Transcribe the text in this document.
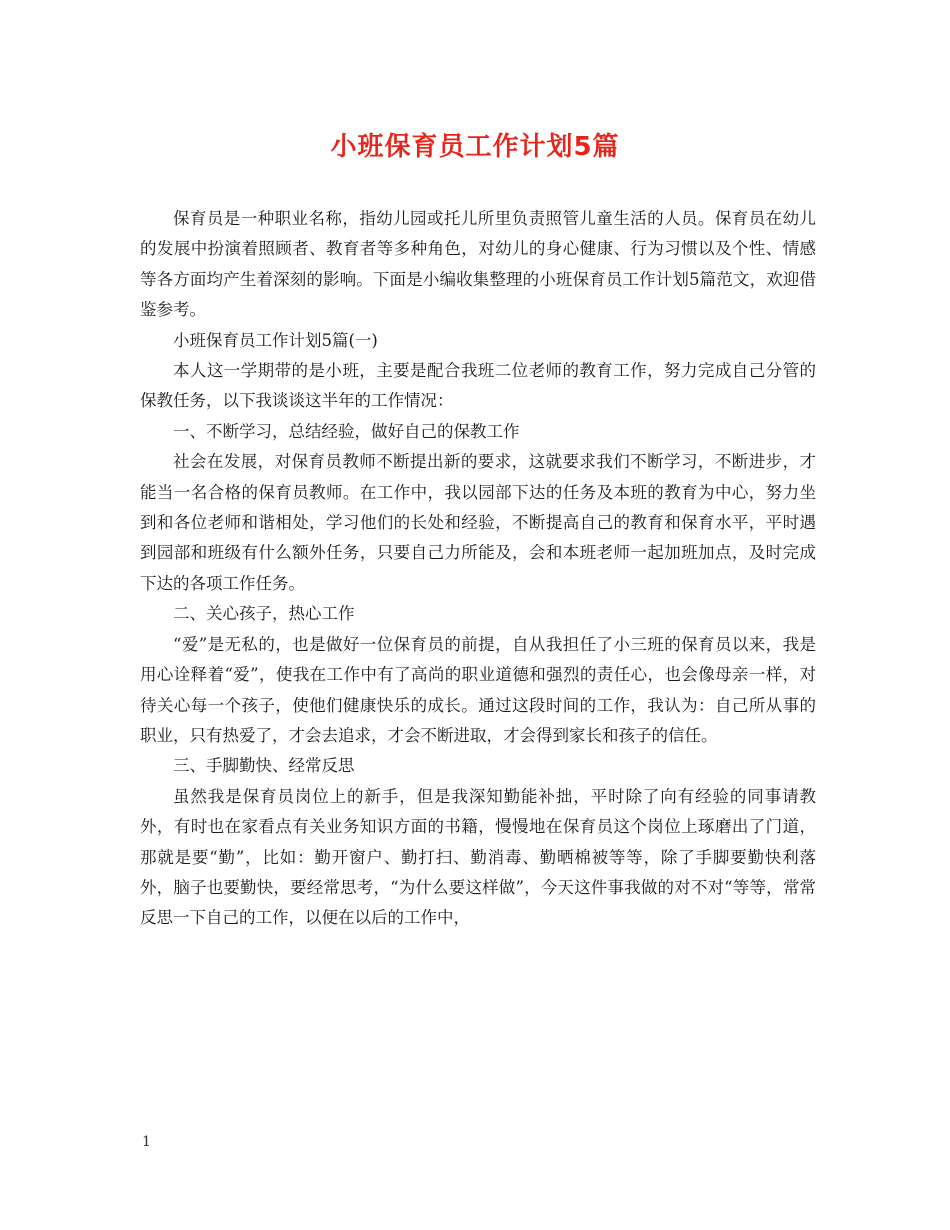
小班保育员工作计划5篇

保育员是一种职业名称，指幼儿园或托儿所里负责照管儿童生活的人员。保育员在幼儿的发展中扮演着照顾者、教育者等多种角色，对幼儿的身心健康、行为习惯以及个性、情感等各方面均产生着深刻的影响。下面是小编收集整理的小班保育员工作计划5篇范文，欢迎借鉴参考。

小班保育员工作计划5篇(一)

本人这一学期带的是小班，主要是配合我班二位老师的教育工作，努力完成自己分管的保教任务，以下我谈谈这半年的工作情况：

一、不断学习，总结经验，做好自己的保教工作

社会在发展，对保育员教师不断提出新的要求，这就要求我们不断学习，不断进步，才能当一名合格的保育员教师。在工作中，我以园部下达的任务及本班的教育为中心，努力坐到和各位老师和谐相处，学习他们的长处和经验，不断提高自己的教育和保育水平，平时遇到园部和班级有什么额外任务，只要自己力所能及，会和本班老师一起加班加点，及时完成下达的各项工作任务。

二、关心孩子，热心工作

“爱”是无私的，也是做好一位保育员的前提，自从我担任了小三班的保育员以来，我是用心诠释着“爱”，使我在工作中有了高尚的职业道德和强烈的责任心，也会像母亲一样，对待关心每一个孩子，使他们健康快乐的成长。通过这段时间的工作，我认为：自己所从事的职业，只有热爱了，才会去追求，才会不断进取，才会得到家长和孩子的信任。

三、手脚勤快、经常反思

虽然我是保育员岗位上的新手，但是我深知勤能补拙，平时除了向有经验的同事请教外，有时也在家看点有关业务知识方面的书籍，慢慢地在保育员这个岗位上琢磨出了门道，那就是要“勤”，比如：勤开窗户、勤打扫、勤消毒、勤晒棉被等等，除了手脚要勤快利落外，脑子也要勤快，要经常思考，“为什么要这样做”，今天这件事我做的对不对“等等，常常反思一下自己的工作，以便在以后的工作中，

1
